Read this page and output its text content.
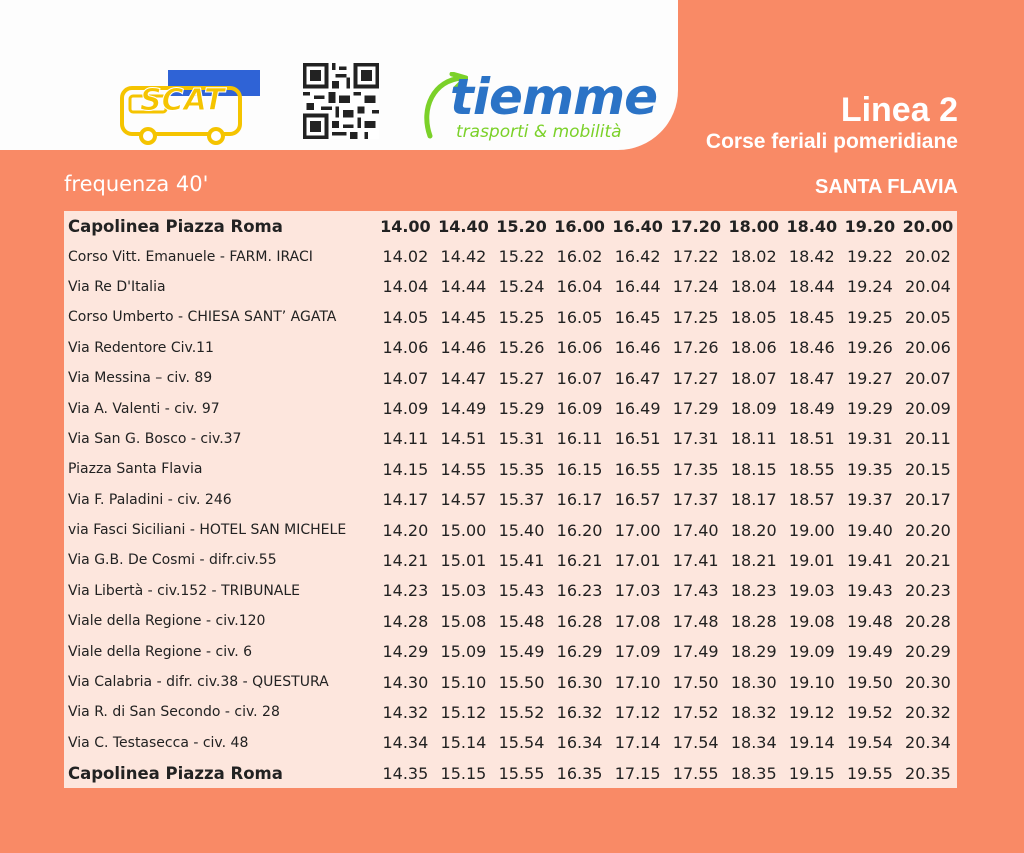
SCAT	tiemme
trasporti & mobilità
Linea 2
Corse feriali pomeridiane
frequenza 40'	SANTA FLAVIA
Capolinea Piazza Roma	14.00	14.40	15.20	16.00	16.40	17.20	18.00	18.40	19.20	20.00
Corso Vitt. Emanuele - FARM. IRACI	14.02	14.42	15.22	16.02	16.42	17.22	18.02	18.42	19.22	20.02
Via Re D'Italia	14.04	14.44	15.24	16.04	16.44	17.24	18.04	18.44	19.24	20.04
Corso Umberto - CHIESA SANT’ AGATA	14.05	14.45	15.25	16.05	16.45	17.25	18.05	18.45	19.25	20.05
Via Redentore Civ.11	14.06	14.46	15.26	16.06	16.46	17.26	18.06	18.46	19.26	20.06
Via Messina – civ. 89	14.07	14.47	15.27	16.07	16.47	17.27	18.07	18.47	19.27	20.07
Via A. Valenti - civ. 97	14.09	14.49	15.29	16.09	16.49	17.29	18.09	18.49	19.29	20.09
Via San G. Bosco - civ.37	14.11	14.51	15.31	16.11	16.51	17.31	18.11	18.51	19.31	20.11
Piazza Santa Flavia	14.15	14.55	15.35	16.15	16.55	17.35	18.15	18.55	19.35	20.15
Via F. Paladini - civ. 246	14.17	14.57	15.37	16.17	16.57	17.37	18.17	18.57	19.37	20.17
via Fasci Siciliani - HOTEL SAN MICHELE	14.20	15.00	15.40	16.20	17.00	17.40	18.20	19.00	19.40	20.20
Via G.B. De Cosmi - difr.civ.55	14.21	15.01	15.41	16.21	17.01	17.41	18.21	19.01	19.41	20.21
Via Libertà - civ.152 - TRIBUNALE	14.23	15.03	15.43	16.23	17.03	17.43	18.23	19.03	19.43	20.23
Viale della Regione - civ.120	14.28	15.08	15.48	16.28	17.08	17.48	18.28	19.08	19.48	20.28
Viale della Regione - civ. 6	14.29	15.09	15.49	16.29	17.09	17.49	18.29	19.09	19.49	20.29
Via Calabria - difr. civ.38 - QUESTURA	14.30	15.10	15.50	16.30	17.10	17.50	18.30	19.10	19.50	20.30
Via R. di San Secondo - civ. 28	14.32	15.12	15.52	16.32	17.12	17.52	18.32	19.12	19.52	20.32
Via C. Testasecca - civ. 48	14.34	15.14	15.54	16.34	17.14	17.54	18.34	19.14	19.54	20.34
Capolinea Piazza Roma	14.35	15.15	15.55	16.35	17.15	17.55	18.35	19.15	19.55	20.35
